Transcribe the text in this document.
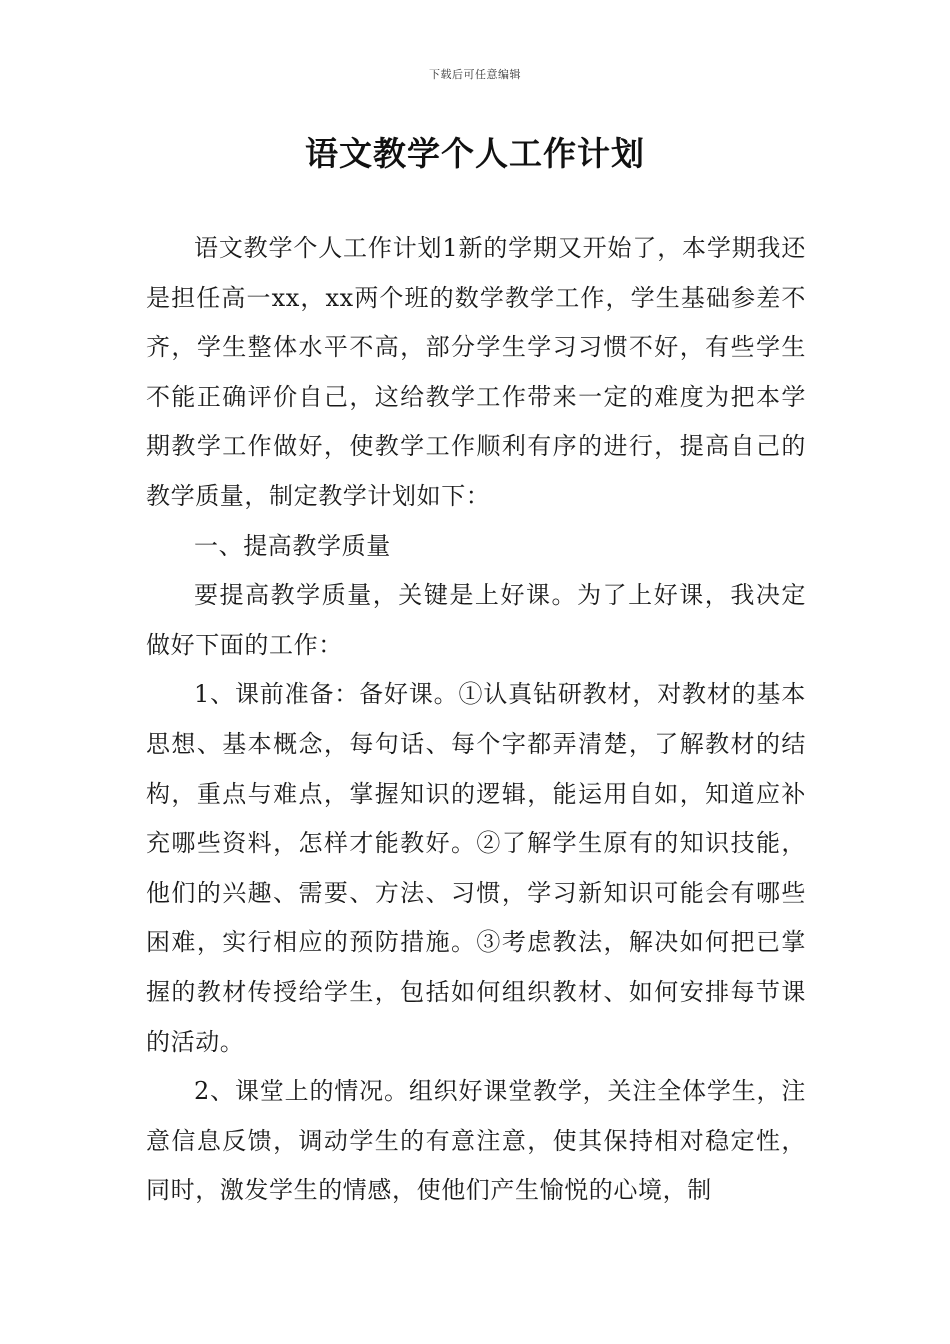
下载后可任意编辑
语文教学个人工作计划

语文教学个人工作计划1新的学期又开始了，本学期我还是担任高一xx，xx两个班的数学教学工作，学生基础参差不齐，学生整体水平不高，部分学生学习习惯不好，有些学生不能正确评价自己，这给教学工作带来一定的难度为把本学期教学工作做好，使教学工作顺利有序的进行，提高自己的教学质量，制定教学计划如下：

一、提高教学质量

要提高教学质量，关键是上好课。为了上好课，我决定做好下面的工作：

1、课前准备：备好课。①认真钻研教材，对教材的基本思想、基本概念，每句话、每个字都弄清楚，了解教材的结构，重点与难点，掌握知识的逻辑，能运用自如，知道应补充哪些资料，怎样才能教好。②了解学生原有的知识技能，他们的兴趣、需要、方法、习惯，学习新知识可能会有哪些困难，实行相应的预防措施。③考虑教法，解决如何把已掌握的教材传授给学生，包括如何组织教材、如何安排每节课的活动。

2、课堂上的情况。组织好课堂教学，关注全体学生，注意信息反馈，调动学生的有意注意，使其保持相对稳定性，同时，激发学生的情感，使他们产生愉悦的心境，制
